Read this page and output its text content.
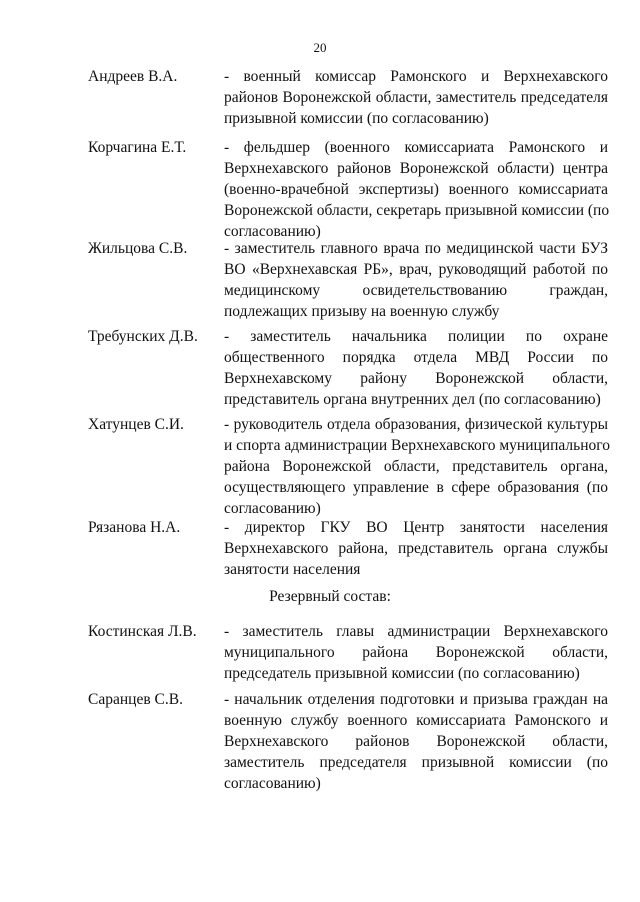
20
Андреев В.А.	- военный комиссар Рамонского и Верхнехавского
районов Воронежской области, заместитель председателя
призывной комиссии (по согласованию)
Корчагина Е.Т. - фельдшер (военного комиссариата Рамонского и
Верхнехавского районов Воронежской области) центра
(военно-врачебной экспертизы) военного комиссариата
Воронежской области, секретарь призывной комиссии (по
согласованию)
Жильцова С.В. - заместитель главного врача по медицинской части БУЗ
ВО «Верхнехавская РБ», врач, руководящий работой по
медицинскому освидетельствованию граждан,
подлежащих призыву на военную службу
Требунских Д.В. - заместитель начальника полиции по охране
общественного порядка отдела МВД России по
Верхнехавскому району Воронежской области,
представитель органа внутренних дел (по согласованию)
Хатунцев С.И.	- руководитель отдела образования, физической культуры
и спорта администрации Верхнехавского муниципального
района Воронежской области, представитель органа,
осуществляющего управление в сфере образования (по
согласованию)
Рязанова Н.А.	- директор ГКУ ВО Центр занятости населения
Верхнехавского района, представитель органа службы
занятости населения
Резервный состав:
Костинская Л.В. - заместитель главы администрации Верхнехавского
муниципального района Воронежской области,
председатель призывной комиссии (по согласованию)
Саранцев С.В.	- начальник отделения подготовки и призыва граждан на
военную службу военного комиссариата Рамонского и
Верхнехавского районов Воронежской области,
заместитель председателя призывной комиссии (по
согласованию)
